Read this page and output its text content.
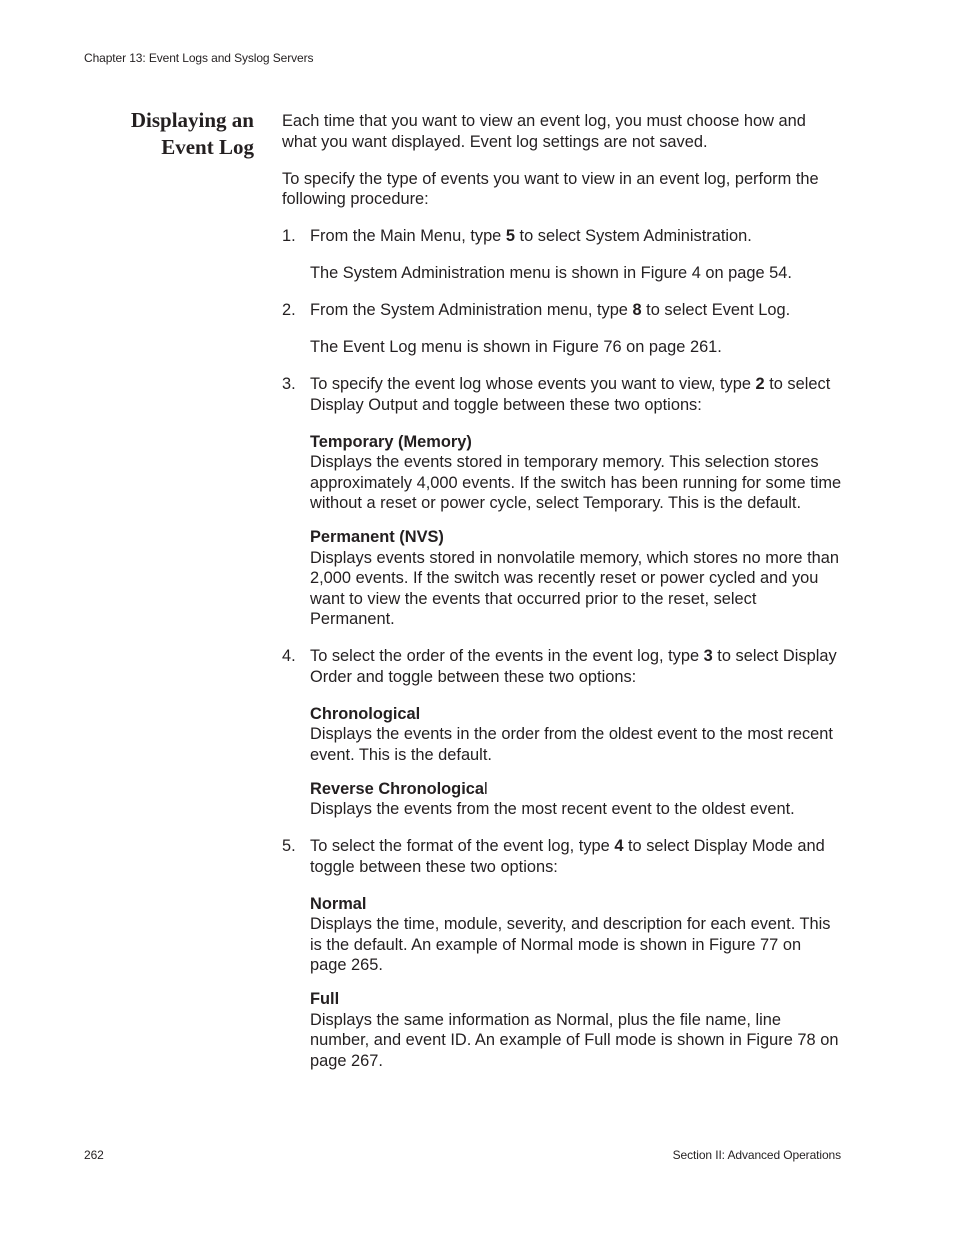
Chapter 13: Event Logs and Syslog Servers
Displaying an
Event Log

Each time that you want to view an event log, you must choose how and what you want displayed. Event log settings are not saved.

To specify the type of events you want to view in an event log, perform the following procedure:

1. From the Main Menu, type 5 to select System Administration.

The System Administration menu is shown in Figure 4 on page 54.

2. From the System Administration menu, type 8 to select Event Log.

The Event Log menu is shown in Figure 76 on page 261.

3. To specify the event log whose events you want to view, type 2 to select Display Output and toggle between these two options:
Temporary (Memory)
Displays the events stored in temporary memory. This selection stores approximately 4,000 events. If the switch has been running for some time without a reset or power cycle, select Temporary. This is the default.
Permanent (NVS)
Displays events stored in nonvolatile memory, which stores no more than 2,000 events. If the switch was recently reset or power cycled and you want to view the events that occurred prior to the reset, select Permanent.
4. To select the order of the events in the event log, type 3 to select Display Order and toggle between these two options:
Chronological
Displays the events in the order from the oldest event to the most recent event. This is the default.
Reverse Chronological
Displays the events from the most recent event to the oldest event.
5. To select the format of the event log, type 4 to select Display Mode and toggle between these two options:
Normal
Displays the time, module, severity, and description for each event. This is the default. An example of Normal mode is shown in Figure 77 on page 265.
Full
Displays the same information as Normal, plus the file name, line number, and event ID. An example of Full mode is shown in Figure 78 on page 267.
262	Section II: Advanced Operations
